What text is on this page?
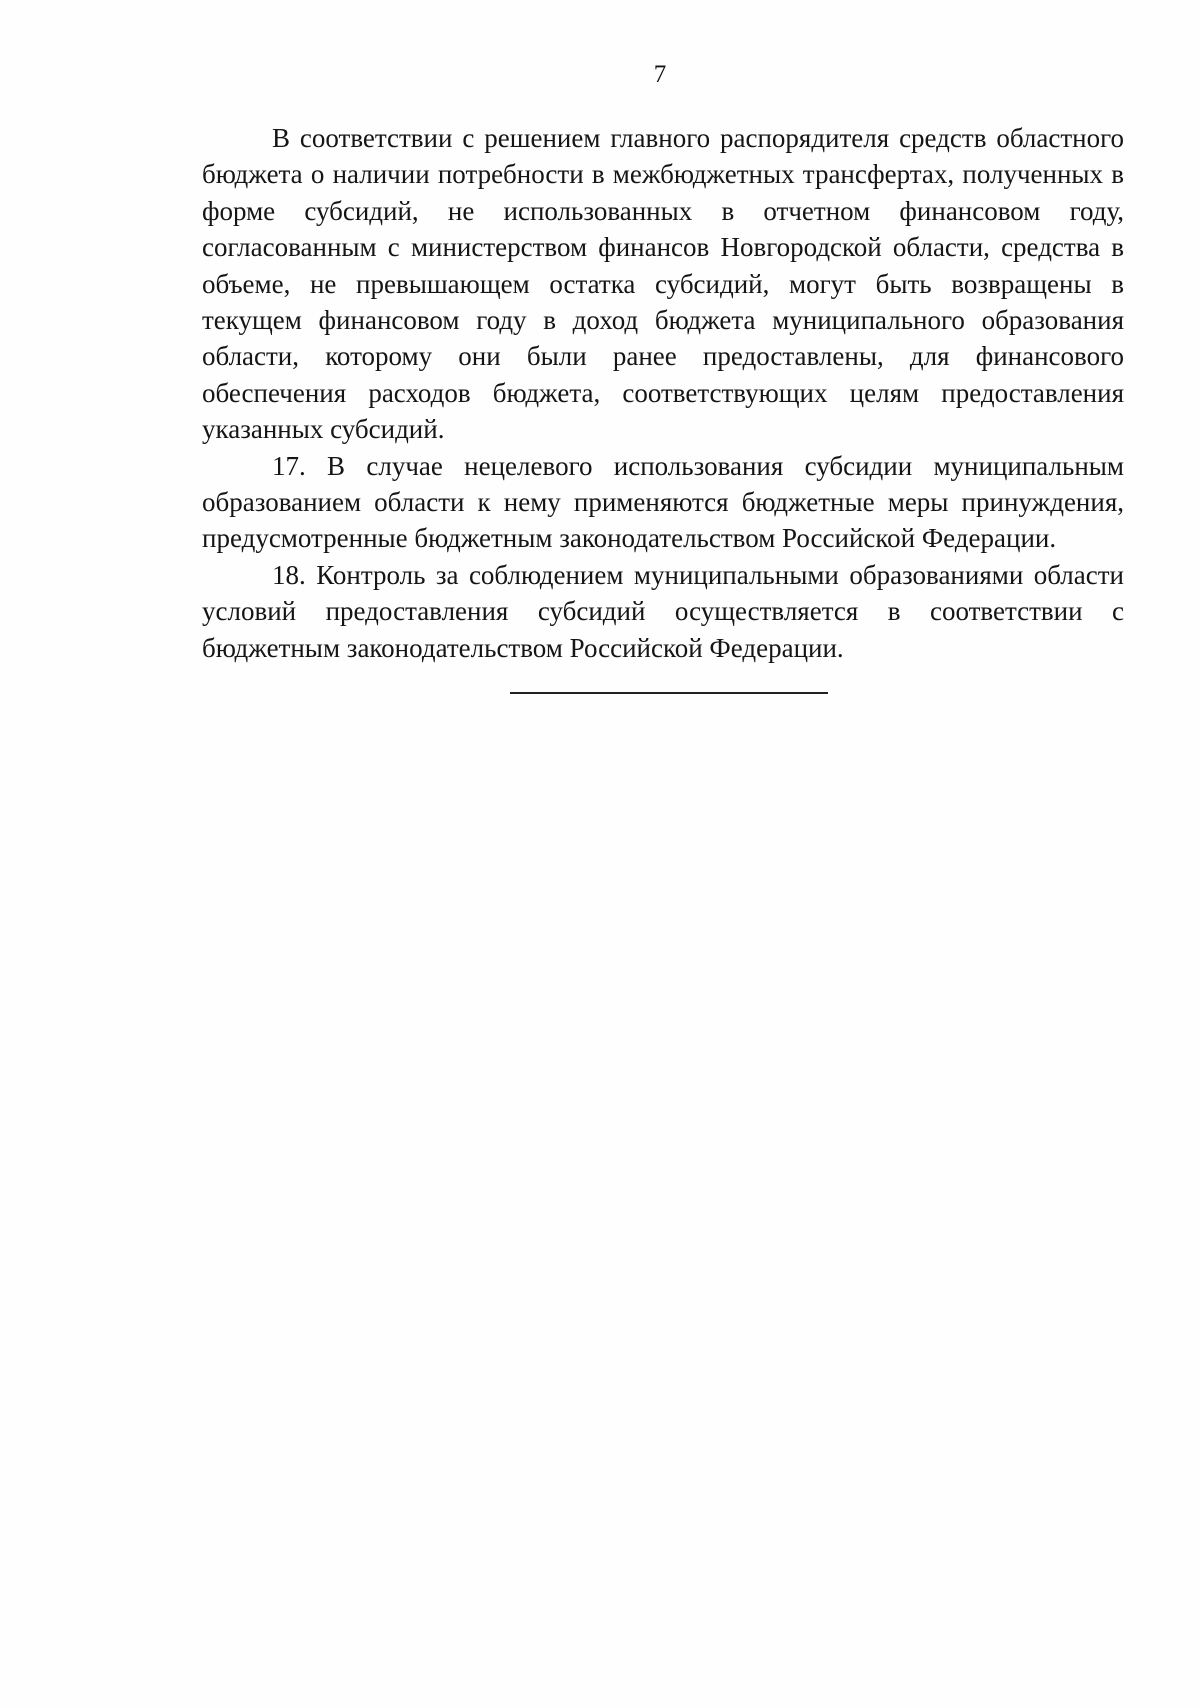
7

В соответствии с решением главного распорядителя средств областного бюджета о наличии потребности в межбюджетных трансфертах, полученных в форме субсидий, не использованных в отчетном финансовом году, согласованным с министерством финансов Новгородской области, средства в объеме, не превышающем остатка субсидий, могут быть возвращены в текущем финансовом году в доход бюджета муниципального образования области, которому они были ранее предоставлены, для финансового обеспечения расходов бюджета, соответствующих целям предоставления указанных субсидий.

17. В случае нецелевого использования субсидии муниципальным образованием области к нему применяются бюджетные меры принуждения, предусмотренные бюджетным законодательством Российской Федерации.

18. Контроль за соблюдением муниципальными образованиями области условий предоставления субсидий осуществляется в соответствии с бюджетным законодательством Российской Федерации.
